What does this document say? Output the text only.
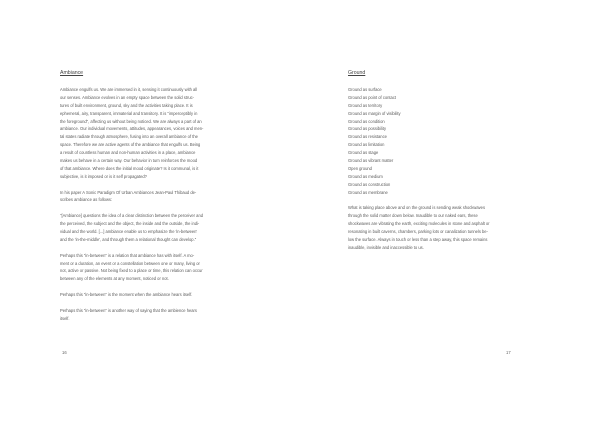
Ambiance
Ambiance engulfs us. We are immersed in it, sensing it continuously with all
our senses. Ambiance evolves in an empty space between the solid struc-
tures of built environment, ground, sky and the activities taking place. It is
ephemeral, airy, transparent, immaterial and transitory. It is "imperceptibly in
the foreground", affecting us without being noticed. We are always a part of an
ambiance. Our individual movements, attitudes, appearances, voices and men-
tal states radiate through atmosphere, fusing into an overall ambiance of the
space. Therefore we are active agents of the ambiance that engulfs us. Being
a result of countless human and non-human activities in a place, ambiance
makes us behave in a certain way. Our behavior in turn reinforces the mood
of that ambiance. Where does the initial mood originate? Is it communal, is it
subjective, is it imposed or is it self propagated?
In his paper A Sonic Paradigm Of Urban Ambiances Jean-Paul Thibaud de-
scribes ambiance as follows:
"[Ambiance] questions the idea of a clear distinction between the perceiver and
the perceived, the subject and the object, the inside and the outside, the indi-
vidual and the world. [...] ambiance enable us to emphasize the 'in-between'
and the 'in-the-middle', and through them a relational thought can develop."
Perhaps this "in-between" is a relation that ambiance has with itself. A mo-
ment or a duration, an event or a constellation between one or many, living or
not, active or passive. Not being fixed to a place or time, this relation can occur
between any of the elements at any moment, noticed or not.
Perhaps this "in-between" is the moment when the ambiance hears itself.
Perhaps this "in-between" is another way of saying that the ambience hears
itself.
16
Ground
Ground as surface
Ground as point of contact
Ground as territory
Ground as margin of visibility
Ground as condition
Ground as possibility
Ground as resistance
Ground as limitation
Ground as stage
Ground as vibrant matter
Open ground
Ground as medium
Ground as construction
Ground as membrane
What is taking place above and on the ground is sending weak shockwaves
through the solid matter down below. Inaudible to our naked ears, these
shockwaves are vibrating the earth, exciting molecules in stone and asphalt or
resonating in built caverns, chambers, parking lots or canalization tunnels be-
low the surface. Always in touch or less than a step away, this space remains
inaudible, invisible and inaccessible to us.
17
